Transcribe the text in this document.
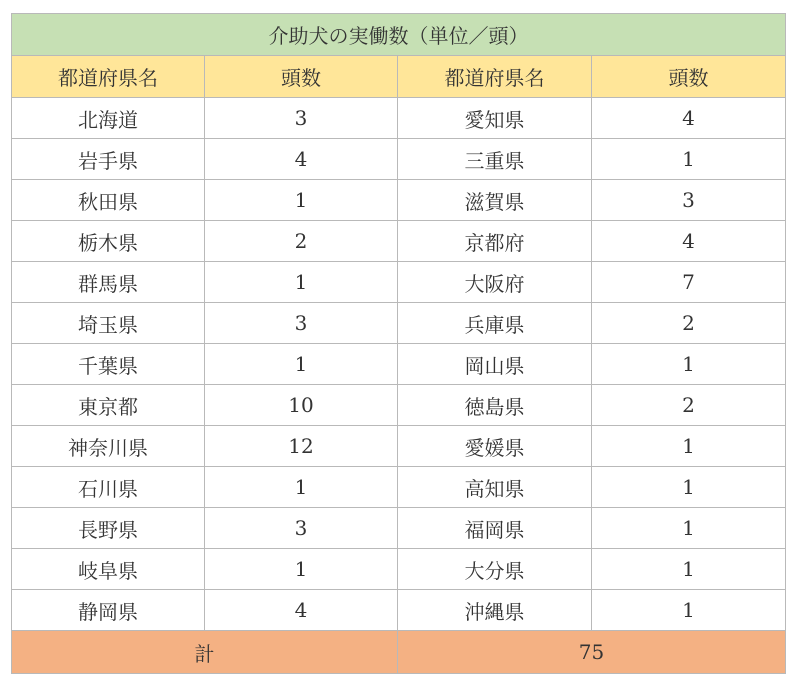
介助犬の実働数（単位／頭）			
都道府県名	頭数	都道府県名	頭数
北海道	3	愛知県	4
岩手県	4	三重県	1
秋田県	1	滋賀県	3
栃木県	2	京都府	4
群馬県	1	大阪府	7
埼玉県	3	兵庫県	2
千葉県	1	岡山県	1
東京都	10	徳島県	2
神奈川県	12	愛媛県	1
石川県	1	高知県	1
長野県	3	福岡県	1
岐阜県	1	大分県	1
静岡県	4	沖縄県	1
計		75	
